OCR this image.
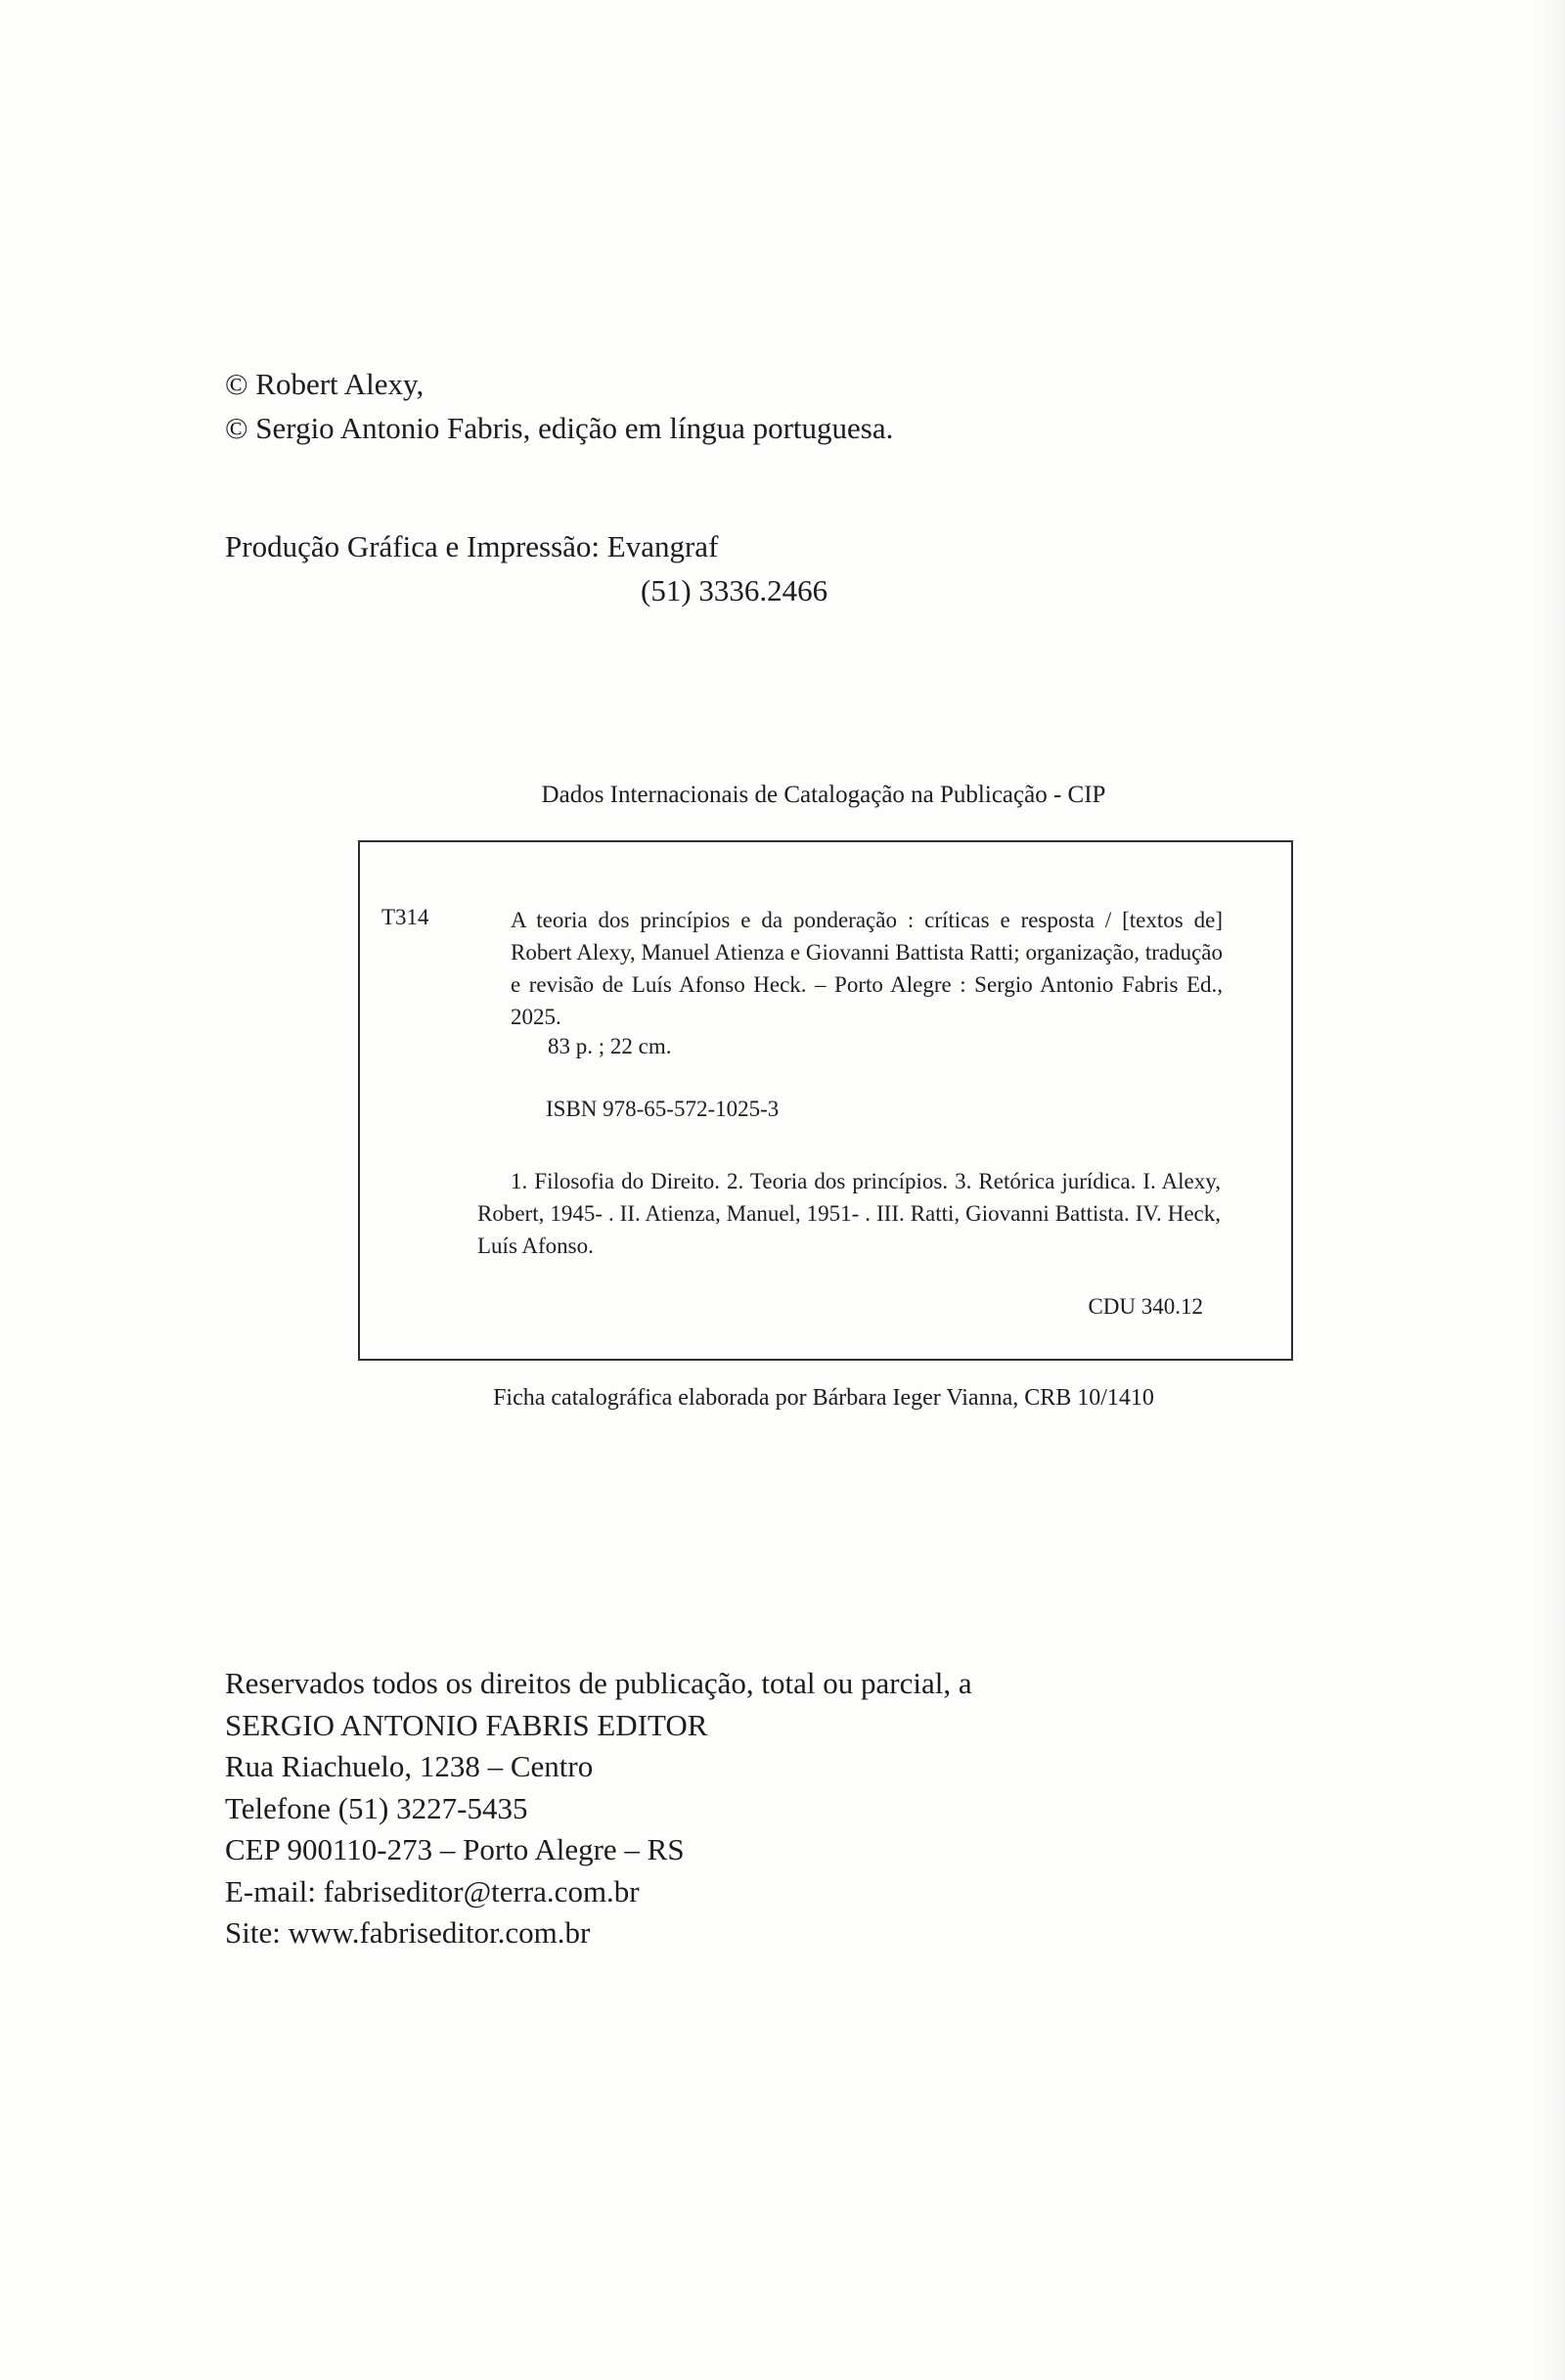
© Robert Alexy,
© Sergio Antonio Fabris, edição em língua portuguesa.
Produção Gráfica e Impressão: Evangraf
(51) 3336.2466
Dados Internacionais de Catalogação na Publicação - CIP
T314	A teoria dos princípios e da ponderação : críticas e resposta / [textos de] Robert Alexy, Manuel Atienza e Giovanni Battista Ratti; organização, tradução e revisão de Luís Afonso Heck. – Porto Alegre : Sergio Antonio Fabris Ed., 2025.
83 p. ; 22 cm.
ISBN 978-65-572-1025-3
1. Filosofia do Direito. 2. Teoria dos princípios. 3. Retórica jurídica. I. Alexy, Robert, 1945- . II. Atienza, Manuel, 1951- . III. Ratti, Giovanni Battista. IV. Heck, Luís Afonso.
CDU 340.12
Ficha catalográfica elaborada por Bárbara Ieger Vianna, CRB 10/1410
Reservados todos os direitos de publicação, total ou parcial, a
SERGIO ANTONIO FABRIS EDITOR
Rua Riachuelo, 1238 – Centro
Telefone (51) 3227-5435
CEP 900110-273 – Porto Alegre – RS
E-mail: fabriseditor@terra.com.br
Site: www.fabriseditor.com.br
